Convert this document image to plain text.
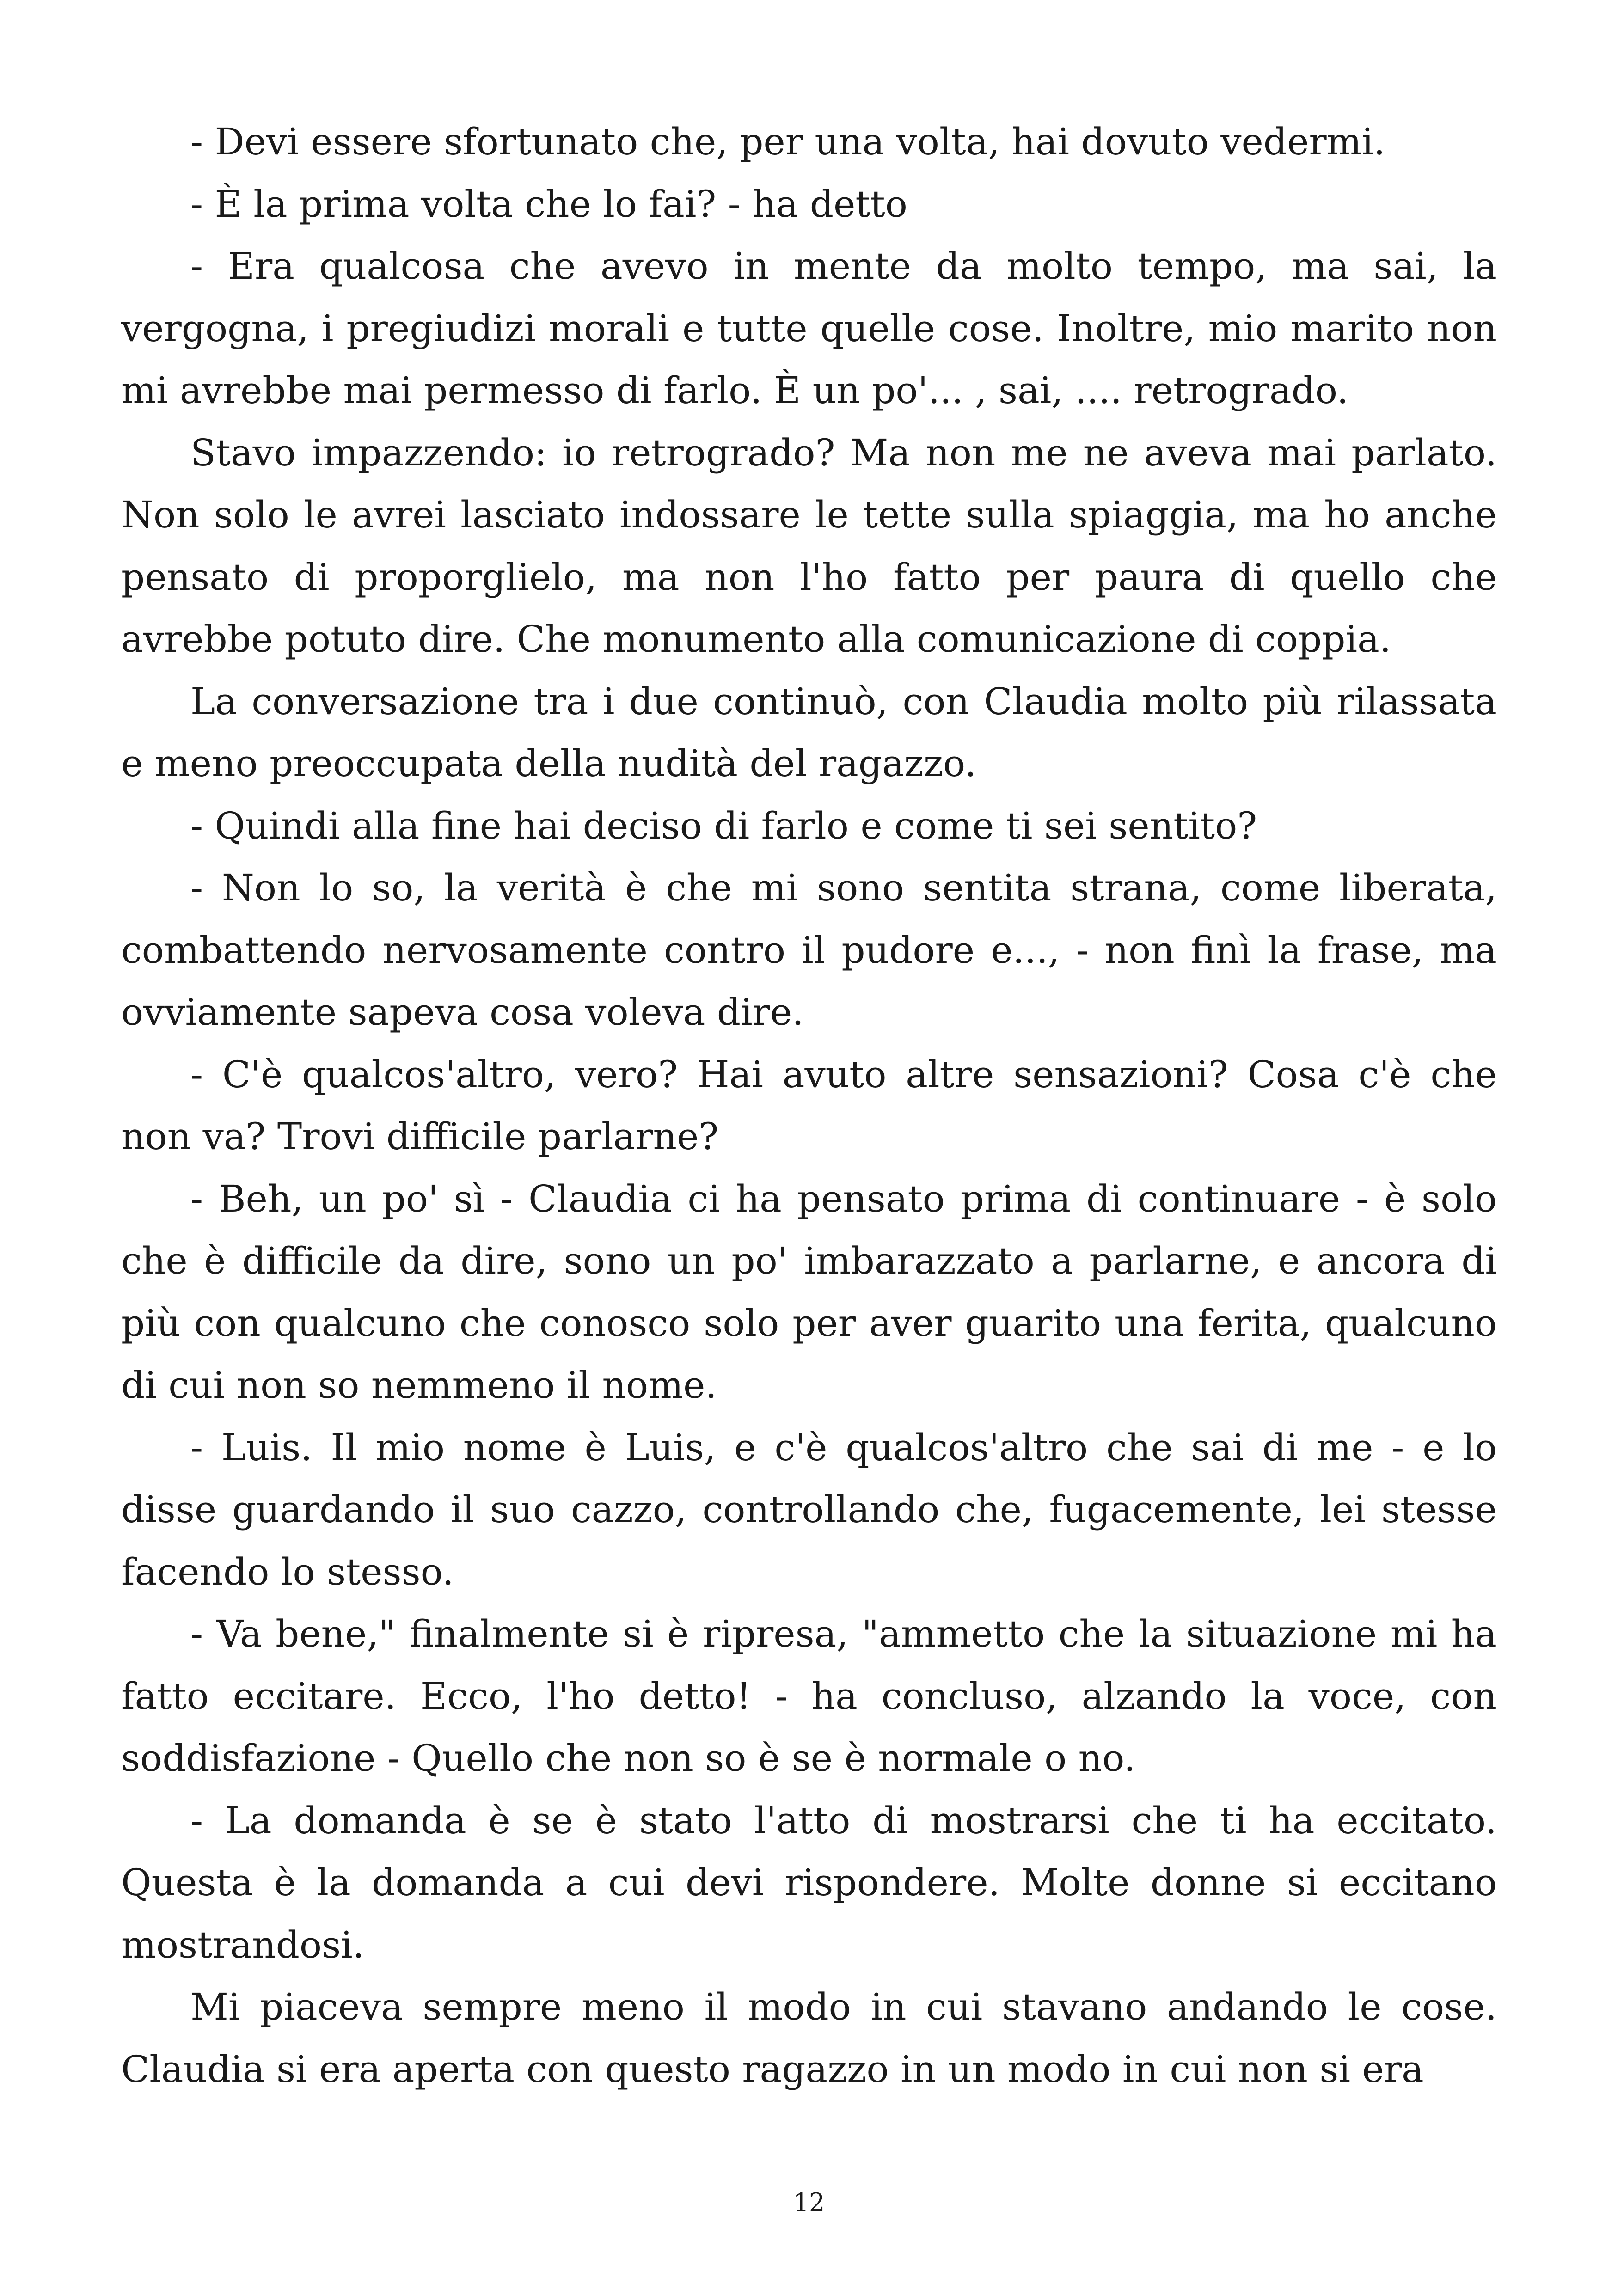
- Devi essere sfortunato che, per una volta, hai dovuto vedermi.

- È la prima volta che lo fai? - ha detto

- Era qualcosa che avevo in mente da molto tempo, ma sai, la vergogna, i pregiudizi morali e tutte quelle cose. Inoltre, mio marito non mi avrebbe mai permesso di farlo. È un po'... , sai, .... retrogrado.

Stavo impazzendo: io retrogrado? Ma non me ne aveva mai parlato. Non solo le avrei lasciato indossare le tette sulla spiaggia, ma ho anche pensato di proporglielo, ma non l'ho fatto per paura di quello che avrebbe potuto dire. Che monumento alla comunicazione di coppia.

La conversazione tra i due continuò, con Claudia molto più rilassata e meno preoccupata della nudità del ragazzo.

- Quindi alla fine hai deciso di farlo e come ti sei sentito?

- Non lo so, la verità è che mi sono sentita strana, come liberata, combattendo nervosamente contro il pudore e..., - non finì la frase, ma ovviamente sapeva cosa voleva dire.

- C'è qualcos'altro, vero? Hai avuto altre sensazioni? Cosa c'è che non va? Trovi difficile parlarne?

- Beh, un po' sì - Claudia ci ha pensato prima di continuare - è solo che è difficile da dire, sono un po' imbarazzato a parlarne, e ancora di più con qualcuno che conosco solo per aver guarito una ferita, qualcuno di cui non so nemmeno il nome.

- Luis. Il mio nome è Luis, e c'è qualcos'altro che sai di me - e lo disse guardando il suo cazzo, controllando che, fugacemente, lei stesse facendo lo stesso.

- Va bene," finalmente si è ripresa, "ammetto che la situazione mi ha fatto eccitare. Ecco, l'ho detto! - ha concluso, alzando la voce, con soddisfazione - Quello che non so è se è normale o no.

- La domanda è se è stato l'atto di mostrarsi che ti ha eccitato. Questa è la domanda a cui devi rispondere. Molte donne si eccitano mostrandosi.

Mi piaceva sempre meno il modo in cui stavano andando le cose. Claudia si era aperta con questo ragazzo in un modo in cui non si era

12
